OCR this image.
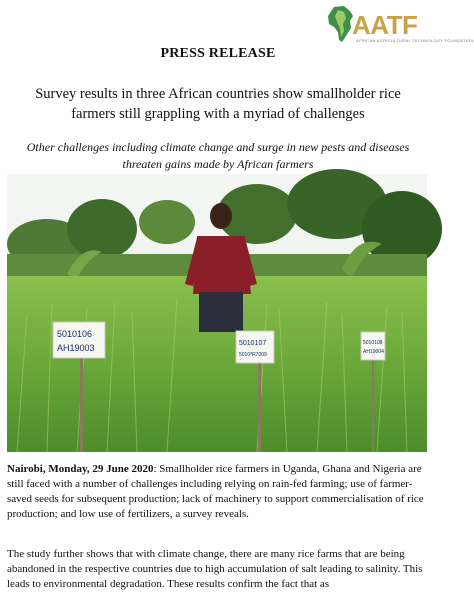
AATF
AFRICAN AGRICULTURAL TECHNOLOGY FOUNDATION
PRESS RELEASE
Survey results in three African countries show smallholder rice farmers still grappling with a myriad of challenges
Other challenges including climate change and surge in new pests and diseases threaten gains made by African farmers
5010106
AH19003	5010107
5010*R7009
5010108
AH19004

Nairobi, Monday, 29 June 2020: Smallholder rice farmers in Uganda, Ghana and Nigeria are still faced with a number of challenges including relying on rain-fed farming; use of farmer-saved seeds for subsequent production; lack of machinery to support commercialisation of rice production; and low use of fertilizers, a survey reveals.

The study further shows that with climate change, there are many rice farms that are being abandoned in the respective countries due to high accumulation of salt leading to salinity. This leads to environmental degradation. These results confirm the fact that as
